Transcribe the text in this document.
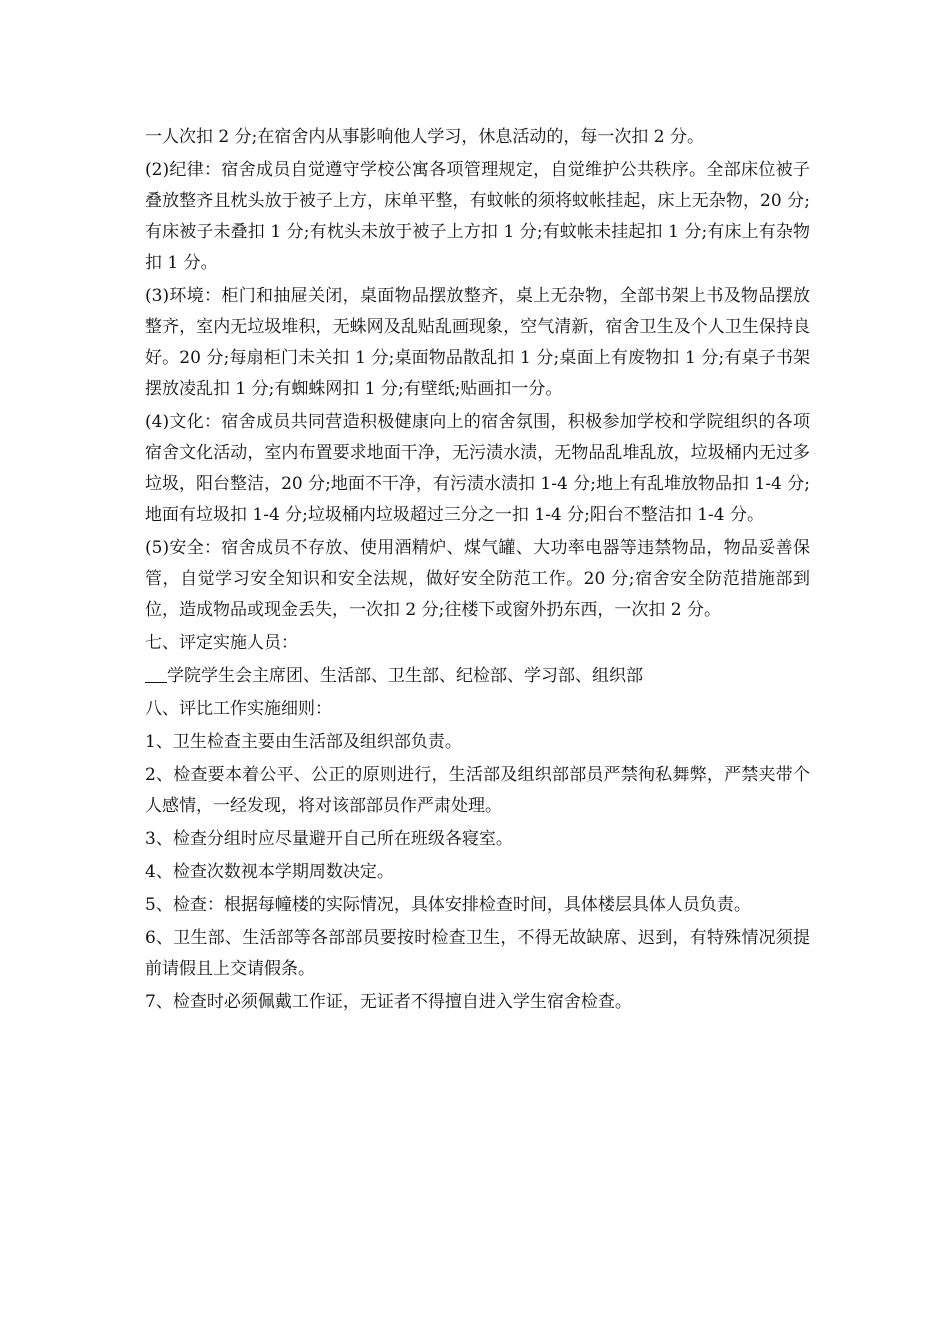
一人次扣 2 分;在宿舍内从事影响他人学习，休息活动的，每一次扣 2 分。

(2)纪律：宿舍成员自觉遵守学校公寓各项管理规定，自觉维护公共秩序。全部床位被子叠放整齐且枕头放于被子上方，床单平整，有蚊帐的须将蚊帐挂起，床上无杂物，20 分;有床被子未叠扣 1 分;有枕头未放于被子上方扣 1 分;有蚊帐未挂起扣 1 分;有床上有杂物扣 1 分。

(3)环境：柜门和抽屉关闭，桌面物品摆放整齐，桌上无杂物，全部书架上书及物品摆放整齐，室内无垃圾堆积，无蛛网及乱贴乱画现象，空气清新，宿舍卫生及个人卫生保持良好。20 分;每扇柜门未关扣 1 分;桌面物品散乱扣 1 分;桌面上有废物扣 1 分;有桌子书架摆放凌乱扣 1 分;有蜘蛛网扣 1 分;有壁纸;贴画扣一分。

(4)文化：宿舍成员共同营造积极健康向上的宿舍氛围，积极参加学校和学院组织的各项宿舍文化活动，室内布置要求地面干净，无污渍水渍，无物品乱堆乱放，垃圾桶内无过多垃圾，阳台整洁，20 分;地面不干净，有污渍水渍扣 1-4 分;地上有乱堆放物品扣 1-4 分;地面有垃圾扣 1-4 分;垃圾桶内垃圾超过三分之一扣 1-4 分;阳台不整洁扣 1-4 分。

(5)安全：宿舍成员不存放、使用酒精炉、煤气罐、大功率电器等违禁物品，物品妥善保管，自觉学习安全知识和安全法规，做好安全防范工作。20 分;宿舍安全防范措施部到位，造成物品或现金丢失，一次扣 2 分;往楼下或窗外扔东西，一次扣 2 分。

七、评定实施人员：

学院学生会主席团、生活部、卫生部、纪检部、学习部、组织部

八、评比工作实施细则：

1、卫生检查主要由生活部及组织部负责。

2、检查要本着公平、公正的原则进行，生活部及组织部部员严禁徇私舞弊，严禁夹带个人感情，一经发现，将对该部部员作严肃处理。

3、检查分组时应尽量避开自己所在班级各寝室。

4、检查次数视本学期周数决定。

5、检查：根据每幢楼的实际情况，具体安排检查时间，具体楼层具体人员负责。

6、卫生部、生活部等各部部员要按时检查卫生，不得无故缺席、迟到，有特殊情况须提前请假且上交请假条。

7、检查时必须佩戴工作证，无证者不得擅自进入学生宿舍检查。
